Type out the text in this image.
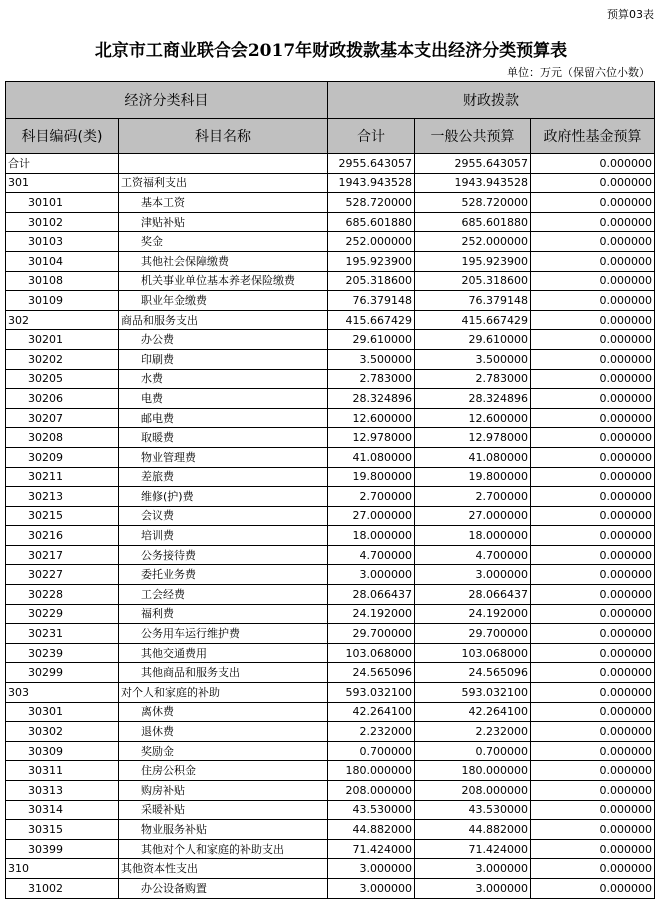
预算03表
北京市工商业联合会2017年财政拨款基本支出经济分类预算表
单位：万元（保留六位小数）
经济分类科目		财政拨款		
科目编码(类)	科目名称	合计	一般公共预算	政府性基金预算
合计		2955.643057	2955.643057	0.000000
301	工资福利支出	1943.943528	1943.943528	0.000000
30101	基本工资	528.720000	528.720000	0.000000
30102	津贴补贴	685.601880	685.601880	0.000000
30103	奖金	252.000000	252.000000	0.000000
30104	其他社会保障缴费	195.923900	195.923900	0.000000
30108	机关事业单位基本养老保险缴费	205.318600	205.318600	0.000000
30109	职业年金缴费	76.379148	76.379148	0.000000
302	商品和服务支出	415.667429	415.667429	0.000000
30201	办公费	29.610000	29.610000	0.000000
30202	印刷费	3.500000	3.500000	0.000000
30205	水费	2.783000	2.783000	0.000000
30206	电费	28.324896	28.324896	0.000000
30207	邮电费	12.600000	12.600000	0.000000
30208	取暖费	12.978000	12.978000	0.000000
30209	物业管理费	41.080000	41.080000	0.000000
30211	差旅费	19.800000	19.800000	0.000000
30213	维修(护)费	2.700000	2.700000	0.000000
30215	会议费	27.000000	27.000000	0.000000
30216	培训费	18.000000	18.000000	0.000000
30217	公务接待费	4.700000	4.700000	0.000000
30227	委托业务费	3.000000	3.000000	0.000000
30228	工会经费	28.066437	28.066437	0.000000
30229	福利费	24.192000	24.192000	0.000000
30231	公务用车运行维护费	29.700000	29.700000	0.000000
30239	其他交通费用	103.068000	103.068000	0.000000
30299	其他商品和服务支出	24.565096	24.565096	0.000000
303	对个人和家庭的补助	593.032100	593.032100	0.000000
30301	离休费	42.264100	42.264100	0.000000
30302	退休费	2.232000	2.232000	0.000000
30309	奖励金	0.700000	0.700000	0.000000
30311	住房公积金	180.000000	180.000000	0.000000
30313	购房补贴	208.000000	208.000000	0.000000
30314	采暖补贴	43.530000	43.530000	0.000000
30315	物业服务补贴	44.882000	44.882000	0.000000
30399	其他对个人和家庭的补助支出	71.424000	71.424000	0.000000
310	其他资本性支出	3.000000	3.000000	0.000000
31002	办公设备购置	3.000000	3.000000	0.000000
